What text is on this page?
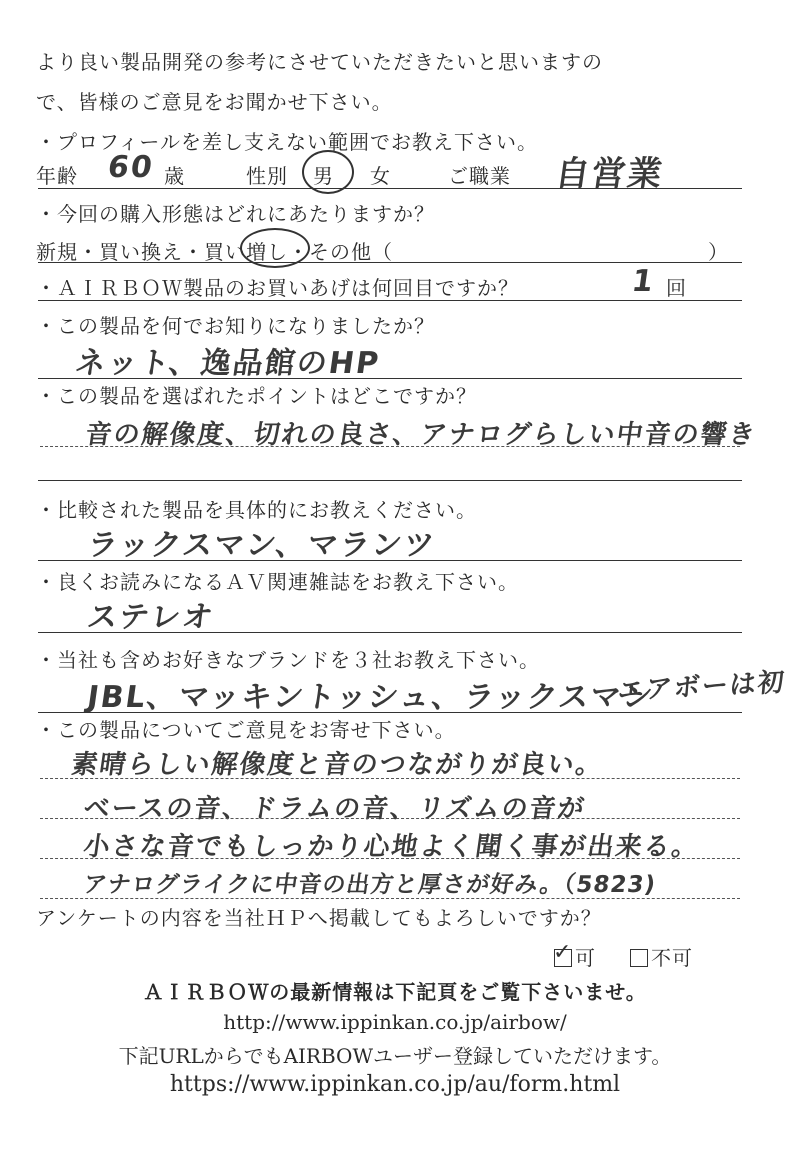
より良い製品開発の参考にさせていただきたいと思いますの
で、皆様のご意見をお聞かせ下さい。
・プロフィールを差し支えない範囲でお教え下さい。
年齢 60 歳	性別 男 女	ご職業 自営業
・今回の購入形態はどれにあたりますか？
新規・買い換え・買い増し・その他（	）
・ＡＩＲＢＯＷ製品のお買いあげは何回目ですか？	1 回
・この製品を何でお知りになりましたか？
ネット、逸品館のHP
・この製品を選ばれたポイントはどこですか？
音の解像度、切れの良さ、アナログらしい中音の響き
・比較された製品を具体的にお教えください。
ラックスマン、マランツ
・良くお読みになるＡＶ関連雑誌をお教え下さい。
ステレオ
・当社も含めお好きなブランドを３社お教え下さい。
JBL、マッキントッシュ、ラックスマン
エアボーは初
・この製品についてご意見をお寄せ下さい。
素晴らしい解像度と音のつながりが良い。
ベースの音、ドラムの音、リズムの音が
小さな音でもしっかり心地よく聞く事が出来る。
アナログライクに中音の出方と厚さが好み。（5823)
アンケートの内容を当社ＨＰへ掲載してもよろしいですか？
✓ 可	不可
ＡＩＲＢＯＷの最新情報は下記頁をご覧下さいませ。
http://www.ippinkan.co.jp/airbow/
下記URLからでもAIRBOWユーザー登録していただけます。
https://www.ippinkan.co.jp/au/form.html
